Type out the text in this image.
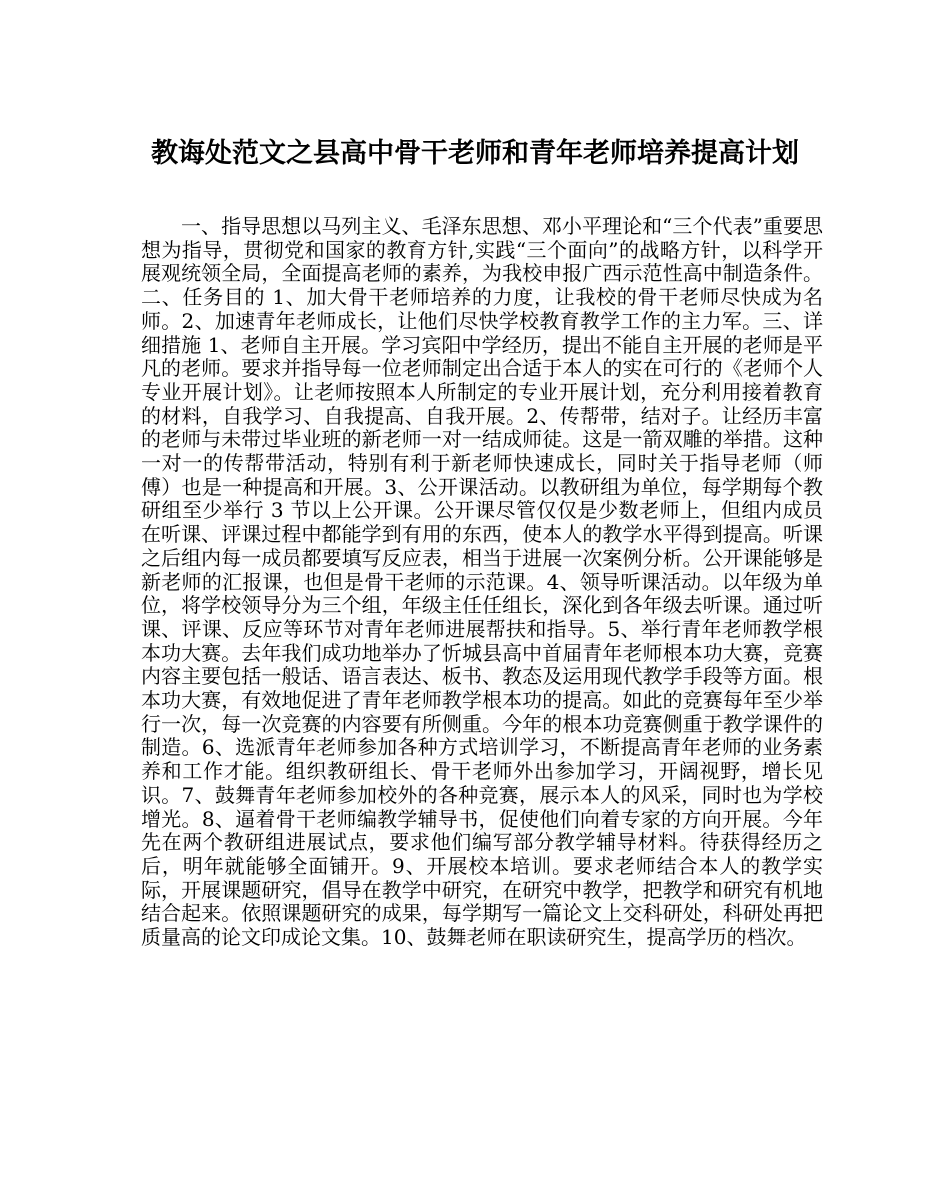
教诲处范文之县高中骨干老师和青年老师培养提高计划

一、指导思想以马列主义、毛泽东思想、邓小平理论和“三个代表”重要思想为指导，贯彻党和国家的教育方针,实践“三个面向”的战略方针，以科学开展观统领全局，全面提高老师的素养，为我校申报广西示范性高中制造条件。二、任务目的 1、加大骨干老师培养的力度，让我校的骨干老师尽快成为名师。2、加速青年老师成长，让他们尽快学校教育教学工作的主力军。三、详细措施 1、老师自主开展。学习宾阳中学经历，提出不能自主开展的老师是平凡的老师。要求并指导每一位老师制定出合适于本人的实在可行的《老师个人专业开展计划》。让老师按照本人所制定的专业开展计划，充分利用接着教育的材料，自我学习、自我提高、自我开展。2、传帮带，结对子。让经历丰富的老师与未带过毕业班的新老师一对一结成师徒。这是一箭双雕的举措。这种一对一的传帮带活动，特别有利于新老师快速成长，同时关于指导老师（师傅）也是一种提高和开展。3、公开课活动。以教研组为单位，每学期每个教研组至少举行 3 节以上公开课。公开课尽管仅仅是少数老师上，但组内成员在听课、评课过程中都能学到有用的东西，使本人的教学水平得到提高。听课之后组内每一成员都要填写反应表，相当于进展一次案例分析。公开课能够是新老师的汇报课，也但是骨干老师的示范课。4、领导听课活动。以年级为单位，将学校领导分为三个组，年级主任任组长，深化到各年级去听课。通过听课、评课、反应等环节对青年老师进展帮扶和指导。5、举行青年老师教学根本功大赛。去年我们成功地举办了忻城县高中首届青年老师根本功大赛，竞赛内容主要包括一般话、语言表达、板书、教态及运用现代教学手段等方面。根本功大赛，有效地促进了青年老师教学根本功的提高。如此的竞赛每年至少举行一次，每一次竞赛的内容要有所侧重。今年的根本功竞赛侧重于教学课件的制造。6、选派青年老师参加各种方式培训学习，不断提高青年老师的业务素养和工作才能。组织教研组长、骨干老师外出参加学习，开阔视野，增长见识。7、鼓舞青年老师参加校外的各种竞赛，展示本人的风采，同时也为学校增光。8、逼着骨干老师编教学辅导书，促使他们向着专家的方向开展。今年先在两个教研组进展试点，要求他们编写部分教学辅导材料。待获得经历之后，明年就能够全面铺开。9、开展校本培训。要求老师结合本人的教学实际，开展课题研究，倡导在教学中研究，在研究中教学，把教学和研究有机地结合起来。依照课题研究的成果，每学期写一篇论文上交科研处，科研处再把质量高的论文印成论文集。10、鼓舞老师在职读研究生，提高学历的档次。
